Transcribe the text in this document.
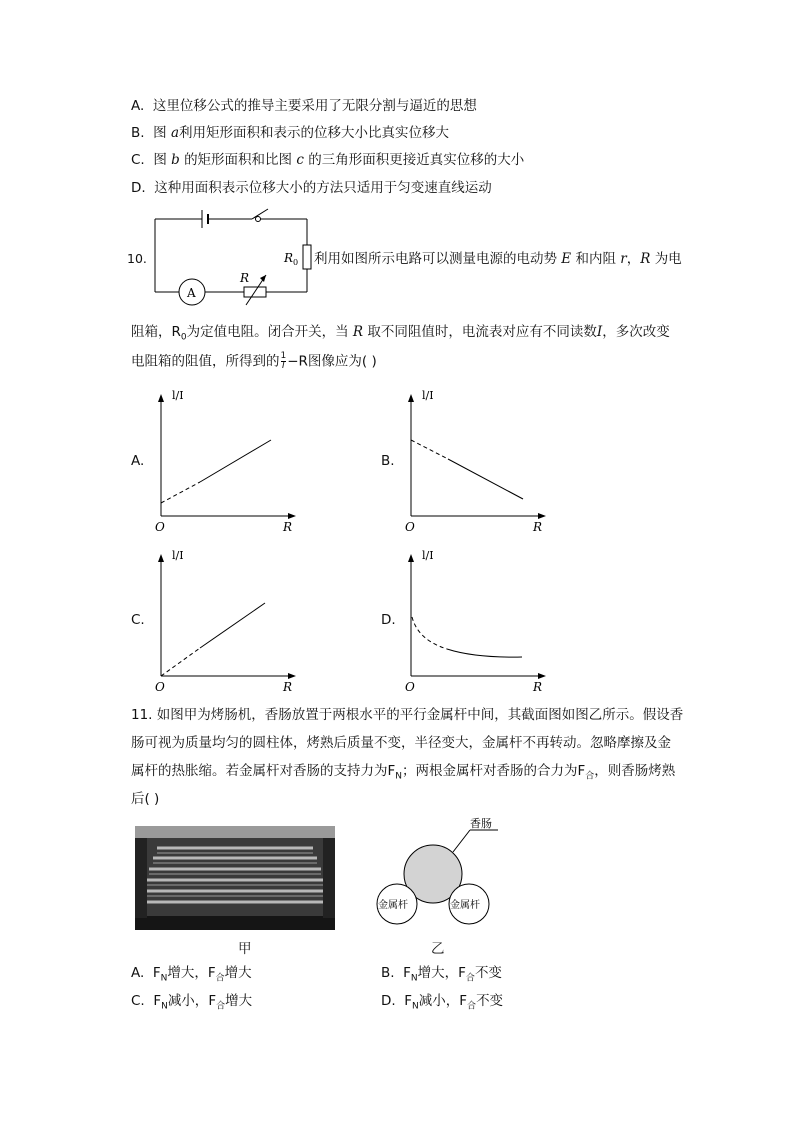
A. 这里位移公式的推导主要采用了无限分割与逼近的思想
B. 图 a利用矩形面积和表示的位移大小比真实位移大
C. 图 b 的矩形面积和比图 c 的三角形面积更接近真实位移的大小
D. 这种用面积表示位移大小的方法只适用于匀变速直线运动
10.
A
R
R 0 利用如图所示电路可以测量电源的电动势 E 和内阻 r，R 为电
阻箱，$R_0$为定值电阻。闭合开关，当 R 取不同阻值时，电流表对应有不同读数I，多次改变
电阻箱的阻值，所得到的 $\frac{1}{I} -R$图像应为( )
A.
l/I
O	R
B.
l/I
O	R
C.
l/I
O	R
D.
l/I
O	R
11. 如图甲为烤肠机，香肠放置于两根水平的平行金属杆中间，其截面图如图乙所示。假设香
肠可视为质量均匀的圆柱体，烤熟后质量不变，半径变大，金属杆不再转动。忽略摩擦及金
属杆的热胀缩。若金属杆对香肠的支持力为$F_N$；两根金属杆对香肠的合力为$F_合$，则香肠烤熟
后( )
甲
香肠
金属杆	金属杆
乙
A. $F_N$增大，$F_合$增大	B. $F_N$增大，$F_合$不变
C. $F_N$减小，$F_合$增大	D. $F_N$减小，$F_合$不变
